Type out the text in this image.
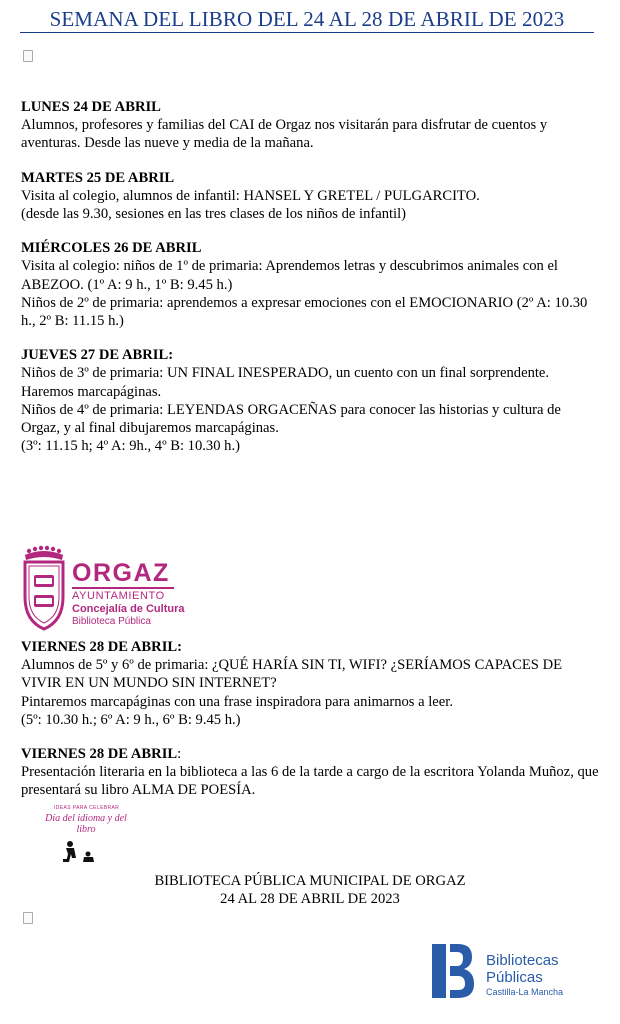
SEMANA DEL LIBRO DEL 24 AL 28 DE ABRIL DE 2023

LUNES 24 DE ABRIL

Alumnos, profesores y familias del CAI de Orgaz nos visitarán para disfrutar de cuentos y aventuras. Desde las nueve y media de la mañana.

MARTES 25 DE ABRIL

Visita al colegio, alumnos de infantil: HANSEL Y GRETEL / PULGARCITO.

(desde las 9.30, sesiones en las tres clases de los niños de infantil)

MIÉRCOLES 26 DE ABRIL

Visita al colegio: niños de 1º de primaria: Aprendemos letras y descubrimos animales con el ABEZOO. (1º A: 9 h., 1º B: 9.45 h.)

Niños de 2º de primaria: aprendemos a expresar emociones con el EMOCIONARIO (2º A: 10.30 h., 2º B: 11.15 h.)

JUEVES 27 DE ABRIL:

Niños de 3º de primaria: UN FINAL INESPERADO, un cuento con un final sorprendente. Haremos marcapáginas.

Niños de 4º de primaria: LEYENDAS ORGACEÑAS para conocer las historias y cultura de Orgaz, y al final dibujaremos marcapáginas.

(3º: 11.15 h; 4º A: 9h., 4º B: 10.30 h.)

ORGAZ
AYUNTAMIENTO
Concejalía de Cultura
Biblioteca Pública

VIERNES 28 DE ABRIL:

Alumnos de 5º y 6º de primaria: ¿QUÉ HARÍA SIN TI, WIFI? ¿SERÍAMOS CAPACES DE VIVIR EN UN MUNDO SIN INTERNET?

Pintaremos marcapáginas con una frase inspiradora para animarnos a leer.

(5º: 10.30 h.; 6º A: 9 h., 6º B: 9.45 h.)

VIERNES 28 DE ABRIL:

Presentación literaria en la biblioteca a las 6 de la tarde a cargo de la escritora Yolanda Muñoz, que presentará su libro ALMA DE POESÍA.

IDEAS PARA CELEBRAR
Día del idioma y del libro

BIBLIOTECA PÚBLICA MUNICIPAL DE ORGAZ

24 AL 28 DE ABRIL DE 2023

Bibliotecas
Públicas
Castilla-La Mancha
